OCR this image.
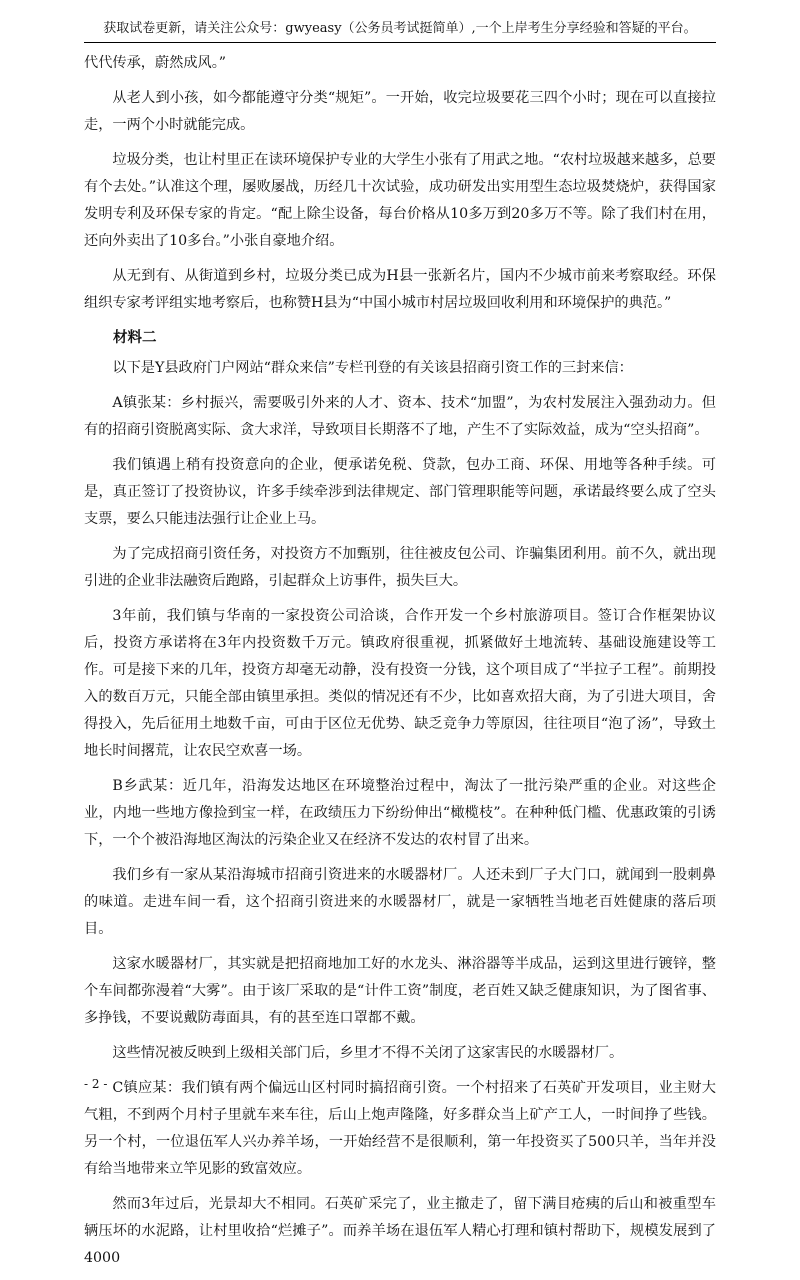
获取试卷更新，请关注公众号：gwyeasy（公务员考试挺简单）,一个上岸考生分享经验和答疑的平台。

代代传承，蔚然成风。”

从老人到小孩，如今都能遵守分类“规矩”。一开始，收完垃圾要花三四个小时；现在可以直接拉走，一两个小时就能完成。

垃圾分类，也让村里正在读环境保护专业的大学生小张有了用武之地。“农村垃圾越来越多，总要有个去处。”认准这个理，屡败屡战，历经几十次试验，成功研发出实用型生态垃圾焚烧炉，获得国家发明专利及环保专家的肯定。“配上除尘设备，每台价格从10多万到20多万不等。除了我们村在用，还向外卖出了10多台。”小张自豪地介绍。

从无到有、从街道到乡村，垃圾分类已成为H县一张新名片，国内不少城市前来考察取经。环保组织专家考评组实地考察后，也称赞H县为“中国小城市村居垃圾回收利用和环境保护的典范。”

材料二

以下是Y县政府门户网站“群众来信”专栏刊登的有关该县招商引资工作的三封来信：

A镇张某：乡村振兴，需要吸引外来的人才、资本、技术“加盟”，为农村发展注入强劲动力。但有的招商引资脱离实际、贪大求洋，导致项目长期落不了地，产生不了实际效益，成为“空头招商”。

我们镇遇上稍有投资意向的企业，便承诺免税、贷款，包办工商、环保、用地等各种手续。可是，真正签订了投资协议，许多手续牵涉到法律规定、部门管理职能等问题，承诺最终要么成了空头支票，要么只能违法强行让企业上马。

为了完成招商引资任务，对投资方不加甄别，往往被皮包公司、诈骗集团利用。前不久，就出现引进的企业非法融资后跑路，引起群众上访事件，损失巨大。

3年前，我们镇与华南的一家投资公司洽谈，合作开发一个乡村旅游项目。签订合作框架协议后，投资方承诺将在3年内投资数千万元。镇政府很重视，抓紧做好土地流转、基础设施建设等工作。可是接下来的几年，投资方却毫无动静，没有投资一分钱，这个项目成了“半拉子工程”。前期投入的数百万元，只能全部由镇里承担。类似的情况还有不少，比如喜欢招大商，为了引进大项目，舍得投入，先后征用土地数千亩，可由于区位无优势、缺乏竞争力等原因，往往项目“泡了汤”，导致土地长时间撂荒，让农民空欢喜一场。

B乡武某：近几年，沿海发达地区在环境整治过程中，淘汰了一批污染严重的企业。对这些企业，内地一些地方像捡到宝一样，在政绩压力下纷纷伸出“橄榄枝”。在种种低门槛、优惠政策的引诱下，一个个被沿海地区淘汰的污染企业又在经济不发达的农村冒了出来。

我们乡有一家从某沿海城市招商引资进来的水暖器材厂。人还未到厂子大门口，就闻到一股刺鼻的味道。走进车间一看，这个招商引资进来的水暖器材厂，就是一家牺牲当地老百姓健康的落后项目。

这家水暖器材厂，其实就是把招商地加工好的水龙头、淋浴器等半成品，运到这里进行镀锌，整个车间都弥漫着“大雾”。由于该厂采取的是“计件工资”制度，老百姓又缺乏健康知识，为了图省事、多挣钱，不要说戴防毒面具，有的甚至连口罩都不戴。

这些情况被反映到上级相关部门后，乡里才不得不关闭了这家害民的水暖器材厂。

C镇应某：我们镇有两个偏远山区村同时搞招商引资。一个村招来了石英矿开发项目，业主财大气粗，不到两个月村子里就车来车往，后山上炮声隆隆，好多群众当上矿产工人，一时间挣了些钱。另一个村，一位退伍军人兴办养羊场，一开始经营不是很顺利，第一年投资买了500只羊，当年并没有给当地带来立竿见影的致富效应。

然而3年过后，光景却大不相同。石英矿采完了，业主撤走了，留下满目疮痍的后山和被重型车辆压坏的水泥路，让村里收拾“烂摊子”。而养羊场在退伍军人精心打理和镇村帮助下，规模发展到了4000

- 2 -
